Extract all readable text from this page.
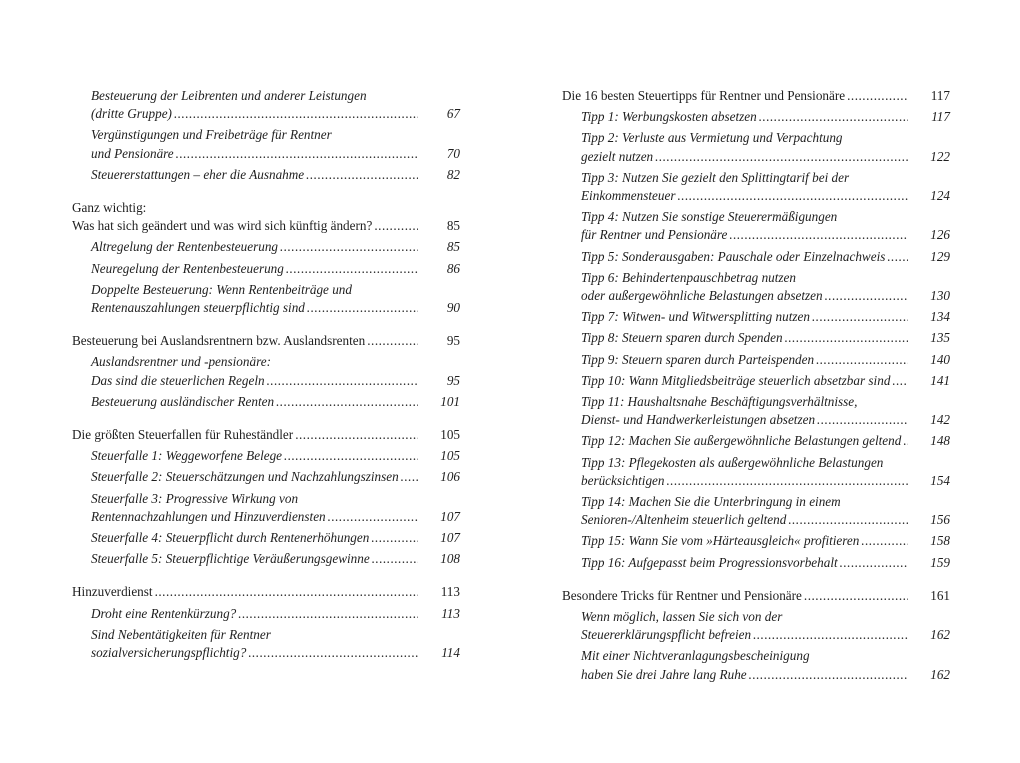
Besteuerung der Leibrenten und anderer Leistungen
(dritte Gruppe) .....	67
Vergünstigungen und Freibeträge für Rentner
und Pensionäre .....	70
Steuererstattungen – eher die Ausnahme .....	82
Ganz wichtig:
Was hat sich geändert und was wird sich künftig ändern? .....	85
Altregelung der Rentenbesteuerung .....	85
Neuregelung der Rentenbesteuerung .....	86
Doppelte Besteuerung: Wenn Rentenbeiträge und
Rentenauszahlungen steuerpflichtig sind .....	90
Besteuerung bei Auslandsrentnern bzw. Auslandsrenten .....	95
Auslandsrentner und -pensionäre:
Das sind die steuerlichen Regeln .....	95
Besteuerung ausländischer Renten .....	101
Die größten Steuerfallen für Ruheständler .....	105
Steuerfalle 1: Weggeworfene Belege .....	105
Steuerfalle 2: Steuerschätzungen und Nachzahlungszinsen .....	106
Steuerfalle 3: Progressive Wirkung von
Rentennachzahlungen und Hinzuverdiensten .....	107
Steuerfalle 4: Steuerpflicht durch Rentenerhöhungen .....	107
Steuerfalle 5: Steuerpflichtige Veräußerungsgewinne .....	108
Hinzuverdienst .....	113
Droht eine Rentenkürzung? .....	113
Sind Nebentätigkeiten für Rentner
sozialversicherungspflichtig? .....	114
Die 16 besten Steuertipps für Rentner und Pensionäre .....	117
Tipp 1: Werbungskosten absetzen .....	117
Tipp 2: Verluste aus Vermietung und Verpachtung
gezielt nutzen .....	122
Tipp 3: Nutzen Sie gezielt den Splittingtarif bei der
Einkommensteuer .....	124
Tipp 4: Nutzen Sie sonstige Steuerermäßigungen
für Rentner und Pensionäre .....	126
Tipp 5: Sonderausgaben: Pauschale oder Einzelnachweis .....	129
Tipp 6: Behindertenpauschbetrag nutzen
oder außergewöhnliche Belastungen absetzen .....	130
Tipp 7: Witwen- und Witwersplitting nutzen .....	134
Tipp 8: Steuern sparen durch Spenden .....	135
Tipp 9: Steuern sparen durch Parteispenden .....	140
Tipp 10: Wann Mitgliedsbeiträge steuerlich absetzbar sind .....	141
Tipp 11: Haushaltsnahe Beschäftigungsverhältnisse,
Dienst- und Handwerkerleistungen absetzen .....	142
Tipp 12: Machen Sie außergewöhnliche Belastungen geltend .....	148
Tipp 13: Pflegekosten als außergewöhnliche Belastungen
berücksichtigen .....	154
Tipp 14: Machen Sie die Unterbringung in einem
Senioren-/Altenheim steuerlich geltend .....	156
Tipp 15: Wann Sie vom »Härteausgleich« profitieren .....	158
Tipp 16: Aufgepasst beim Progressionsvorbehalt .....	159
Besondere Tricks für Rentner und Pensionäre .....	161
Wenn möglich, lassen Sie sich von der
Steuererklärungspflicht befreien .....	162
Mit einer Nichtveranlagungsbescheinigung
haben Sie drei Jahre lang Ruhe .....	162
